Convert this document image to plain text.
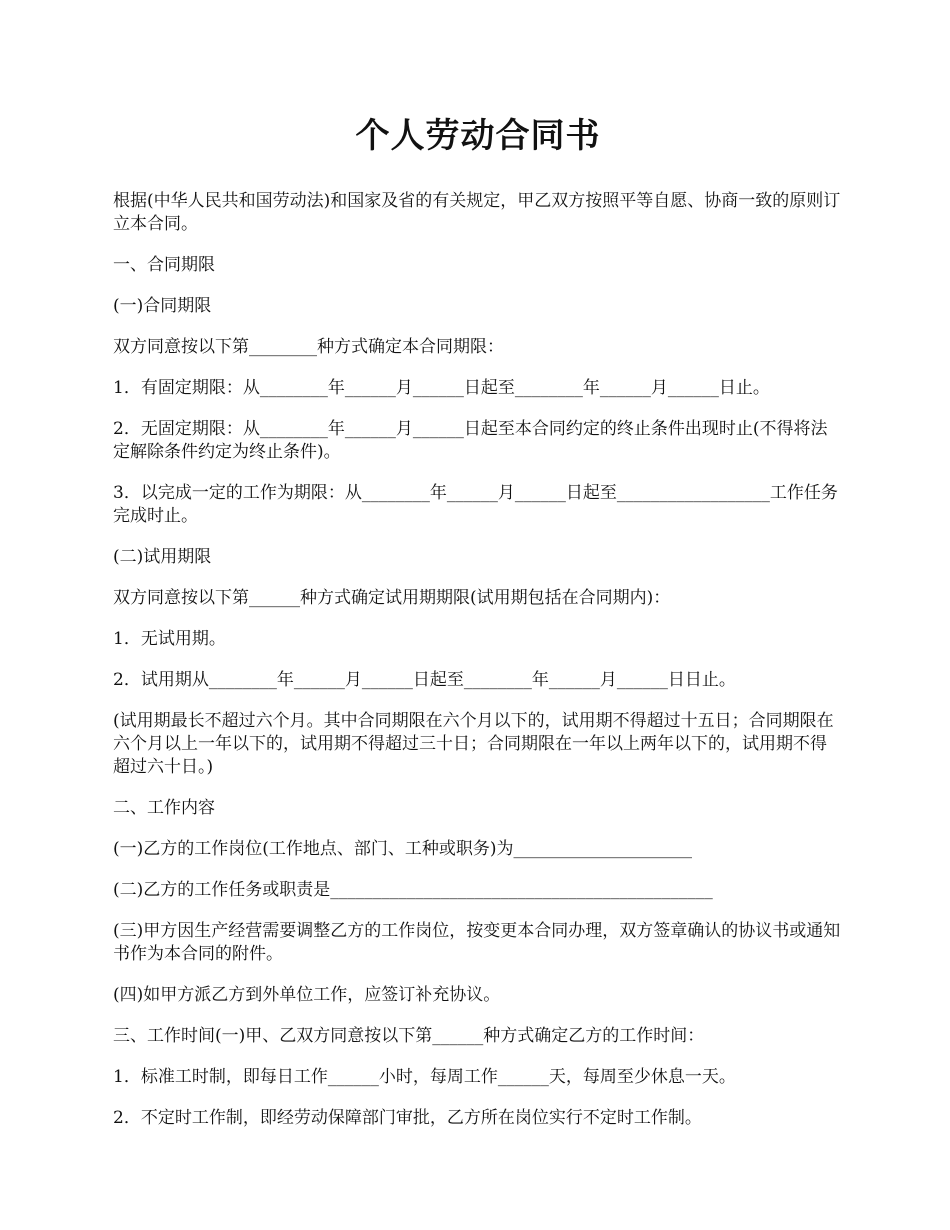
个人劳动合同书

根据(中华人民共和国劳动法)和国家及省的有关规定，甲乙双方按照平等自愿、协商一致的原则订立本合同。

一、合同期限

(一)合同期限

双方同意按以下第________种方式确定本合同期限：

1．有固定期限：从________年______月______日起至________年______月______日止。

2．无固定期限：从________年______月______日起至本合同约定的终止条件出现时止(不得将法定解除条件约定为终止条件)。

3．以完成一定的工作为期限：从________年______月______日起至__________________工作任务完成时止。

(二)试用期限

双方同意按以下第______种方式确定试用期期限(试用期包括在合同期内)：

1．无试用期。

2．试用期从________年______月______日起至________年______月______日日止。

(试用期最长不超过六个月。其中合同期限在六个月以下的，试用期不得超过十五日；合同期限在六个月以上一年以下的，试用期不得超过三十日；合同期限在一年以上两年以下的，试用期不得超过六十日。)

二、工作内容

(一)乙方的工作岗位(工作地点、部门、工种或职务)为_____________________

(二)乙方的工作任务或职责是_____________________________________________

(三)甲方因生产经营需要调整乙方的工作岗位，按变更本合同办理，双方签章确认的协议书或通知书作为本合同的附件。

(四)如甲方派乙方到外单位工作，应签订补充协议。

三、工作时间(一)甲、乙双方同意按以下第______种方式确定乙方的工作时间：

1．标准工时制，即每日工作______小时，每周工作______天，每周至少休息一天。

2．不定时工作制，即经劳动保障部门审批，乙方所在岗位实行不定时工作制。
